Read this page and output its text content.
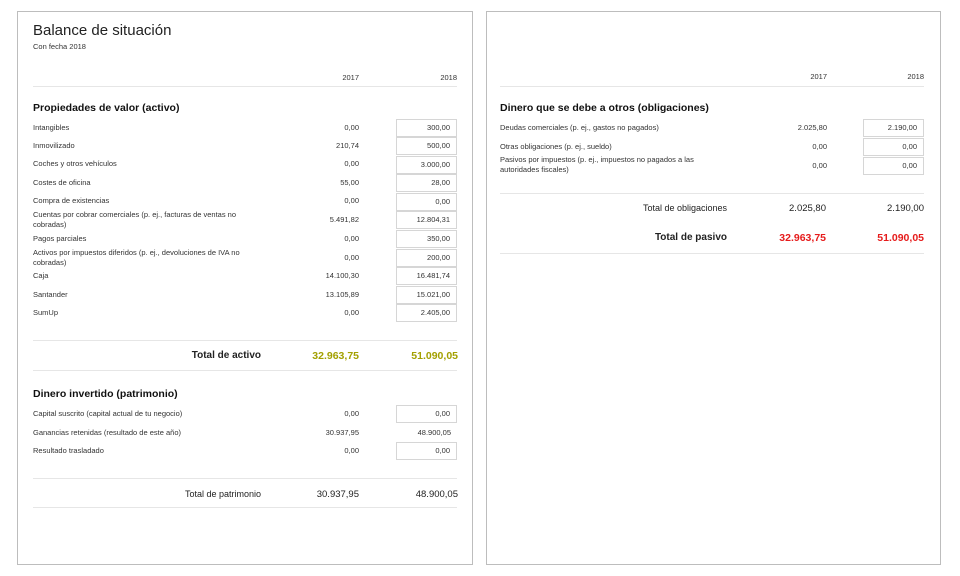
Balance de situación
Con fecha 2018
2017	2018
Propiedades de valor (activo)
Intangibles	0,00	300,00
Inmovilizado	210,74	500,00
Coches y otros vehículos	0,00	3.000,00
Costes de oficina	55,00	28,00
Compra de existencias	0,00	0,00
Cuentas por cobrar comerciales (p. ej., facturas de ventas no cobradas)	5.491,82	12.804,31
Pagos parciales	0,00	350,00
Activos por impuestos diferidos (p. ej., devoluciones de IVA no cobradas)	0,00	200,00
Caja	14.100,30	16.481,74
Santander	13.105,89	15.021,00
SumUp	0,00	2.405,00
Total de activo	32.963,75	51.090,05
Dinero invertido (patrimonio)
Capital suscrito (capital actual de tu negocio)	0,00	0,00
Ganancias retenidas (resultado de este año)	30.937,95	48.900,05
Resultado trasladado	0,00	0,00
Total de patrimonio	30.937,95	48.900,05
2017	2018
Dinero que se debe a otros (obligaciones)
Deudas comerciales (p. ej., gastos no pagados)	2.025,80	2.190,00
Otras obligaciones (p. ej., sueldo)	0,00	0,00
Pasivos por impuestos (p. ej., impuestos no pagados a las autoridades fiscales)	0,00	0,00
Total de obligaciones	2.025,80	2.190,00
Total de pasivo	32.963,75	51.090,05
